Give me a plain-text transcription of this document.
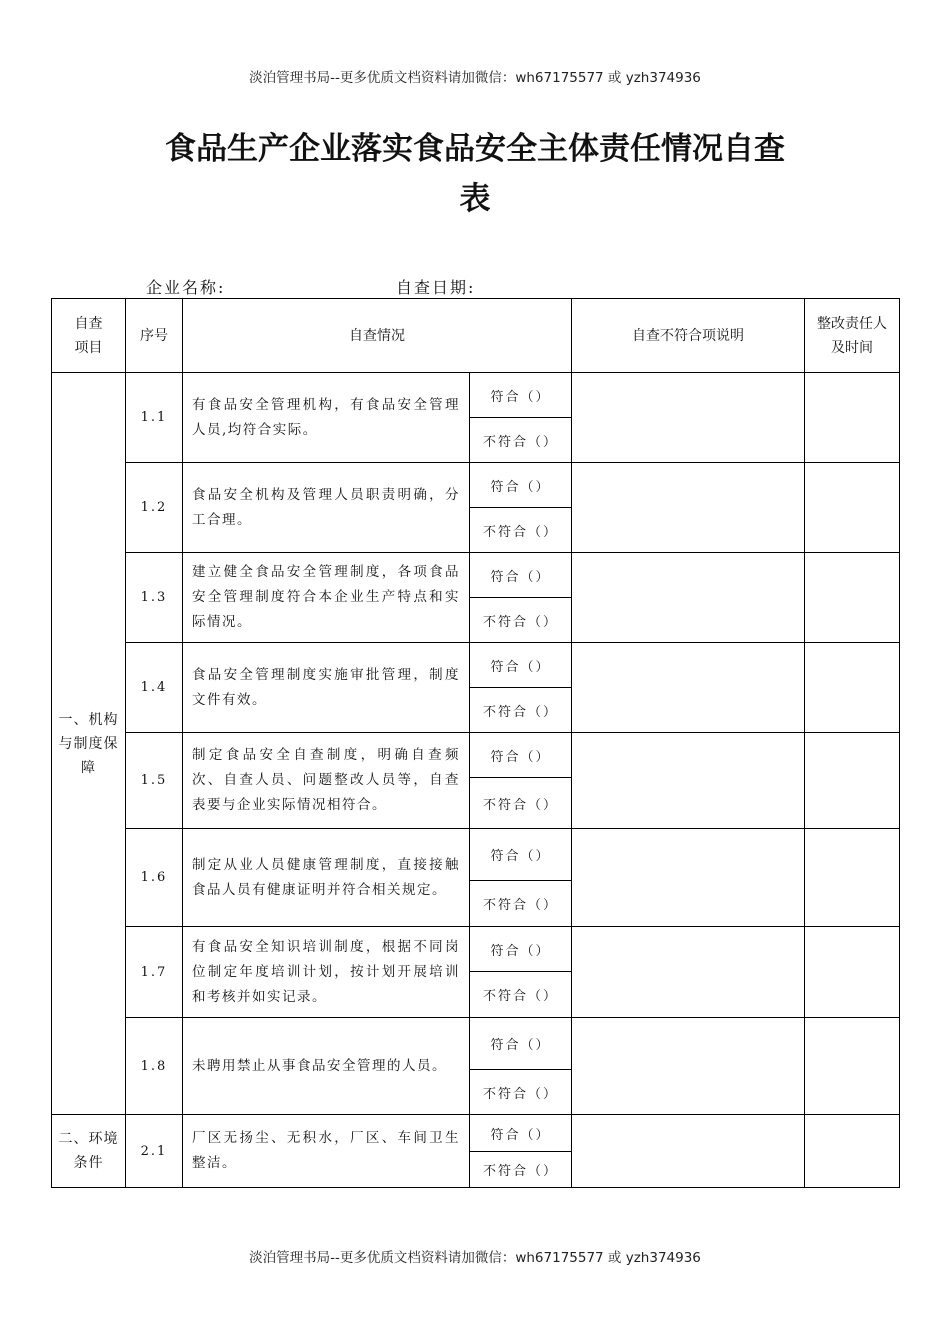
淡泊管理书局--更多优质文档资料请加微信：wh67175577 或 yzh374936
食品生产企业落实食品安全主体责任情况自查
表
企业名称:	自查日期:
自查项目	序号	自查情况		自查不符合项说明	整改责任人及时间

一、机构与制度保障	1.1	有食品安全管理机构，有食品安全管理人员,均符合实际。	符合（）		
			不符合（）		
	1.2	食品安全机构及管理人员职责明确，分工合理。	符合（）		
			不符合（）		
	1.3	建立健全食品安全管理制度，各项食品安全管理制度符合本企业生产特点和实际情况。	符合（）		
			不符合（）		
	1.4	食品安全管理制度实施审批管理，制度文件有效。	符合（）		
			不符合（）		
	1.5	制定食品安全自查制度，明确自查频次、自查人员、问题整改人员等，自查表要与企业实际情况相符合。	符合（）		
			不符合（）		
	1.6	制定从业人员健康管理制度，直接接触食品人员有健康证明并符合相关规定。	符合（）		
			不符合（）		
	1.7	有食品安全知识培训制度，根据不同岗位制定年度培训计划，按计划开展培训和考核并如实记录。	符合（）		
			不符合（）		
	1.8	未聘用禁止从事食品安全管理的人员。	符合（）		
			不符合（）		
二、环境条件	2.1	厂区无扬尘、无积水，厂区、车间卫生整洁。	符合（）		
			不符合（）		
淡泊管理书局--更多优质文档资料请加微信：wh67175577 或 yzh374936
